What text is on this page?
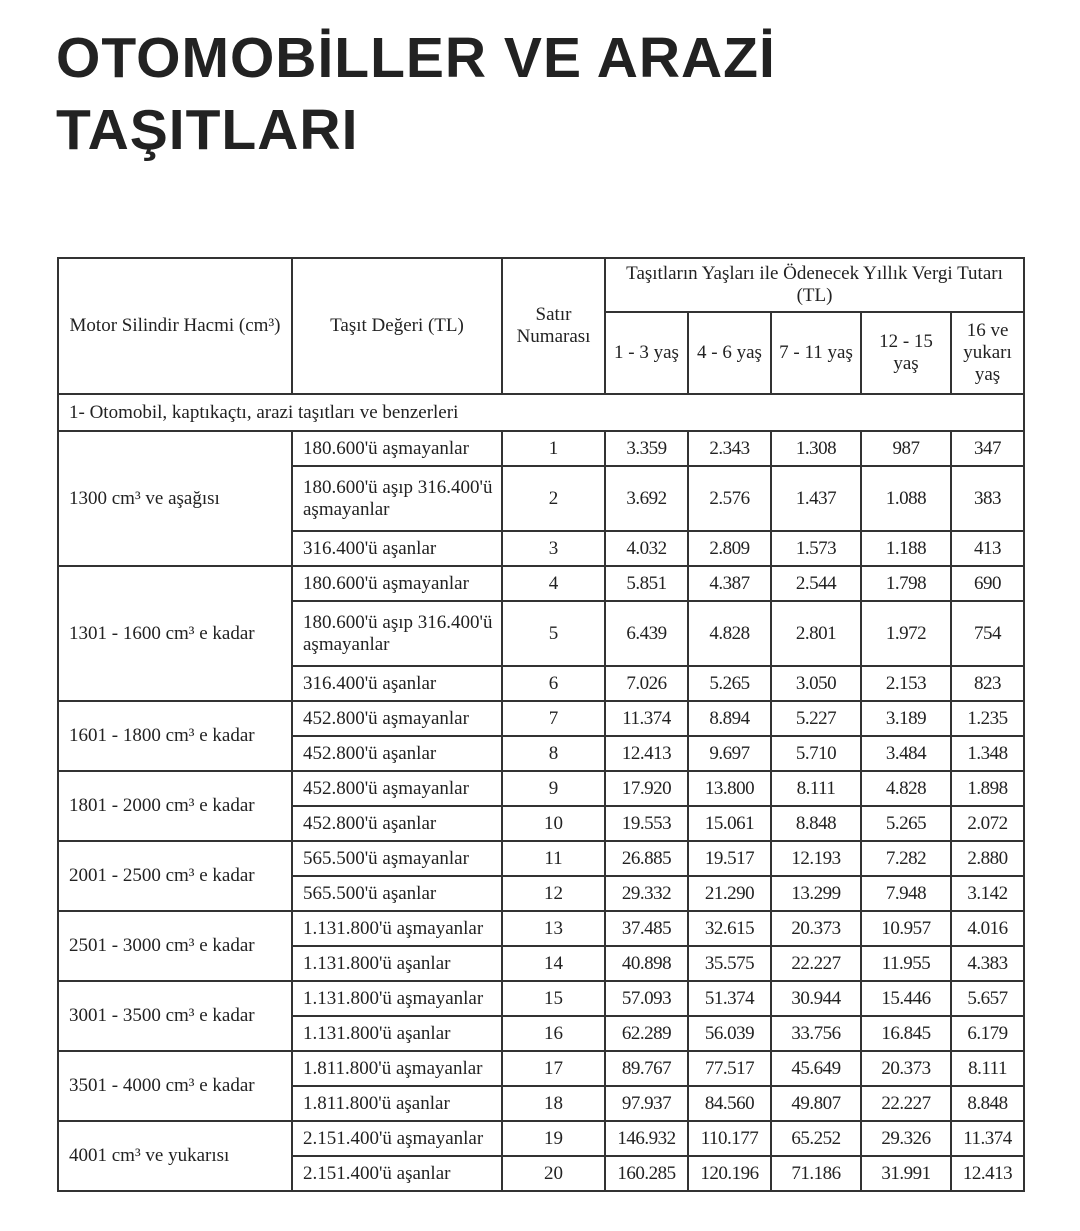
OTOMOBİLLER VE ARAZİ TAŞITLARI
Motor Silindir Hacmi (cm³)	Taşıt Değeri (TL)	Satır Numarası	Taşıtların Yaşları ile Ödenecek Yıllık Vergi Tutarı (TL)				
			1 - 3 yaş	4 - 6 yaş	7 - 11 yaş	12 - 15 yaş	16 ve yukarı yaş
1- Otomobil, kaptıkaçtı, arazi taşıtları ve benzerleri							
1300 cm³ ve aşağısı	180.600'ü aşmayanlar	1	3.359	2.343	1.308	987	347
	180.600'ü aşıp 316.400'ü aşmayanlar	2	3.692	2.576	1.437	1.088	383
	316.400'ü aşanlar	3	4.032	2.809	1.573	1.188	413
1301 - 1600 cm³ e kadar	180.600'ü aşmayanlar	4	5.851	4.387	2.544	1.798	690
	180.600'ü aşıp 316.400'ü aşmayanlar	5	6.439	4.828	2.801	1.972	754
	316.400'ü aşanlar	6	7.026	5.265	3.050	2.153	823
1601 - 1800 cm³ e kadar	452.800'ü aşmayanlar	7	11.374	8.894	5.227	3.189	1.235
	452.800'ü aşanlar	8	12.413	9.697	5.710	3.484	1.348
1801 - 2000 cm³ e kadar	452.800'ü aşmayanlar	9	17.920	13.800	8.111	4.828	1.898
	452.800'ü aşanlar	10	19.553	15.061	8.848	5.265	2.072
2001 - 2500 cm³ e kadar	565.500'ü aşmayanlar	11	26.885	19.517	12.193	7.282	2.880
	565.500'ü aşanlar	12	29.332	21.290	13.299	7.948	3.142
2501 - 3000 cm³ e kadar	1.131.800'ü aşmayanlar	13	37.485	32.615	20.373	10.957	4.016
	1.131.800'ü aşanlar	14	40.898	35.575	22.227	11.955	4.383
3001 - 3500 cm³ e kadar	1.131.800'ü aşmayanlar	15	57.093	51.374	30.944	15.446	5.657
	1.131.800'ü aşanlar	16	62.289	56.039	33.756	16.845	6.179
3501 - 4000 cm³ e kadar	1.811.800'ü aşmayanlar	17	89.767	77.517	45.649	20.373	8.111
	1.811.800'ü aşanlar	18	97.937	84.560	49.807	22.227	8.848
4001 cm³ ve yukarısı	2.151.400'ü aşmayanlar	19	146.932	110.177	65.252	29.326	11.374
	2.151.400'ü aşanlar	20	160.285	120.196	71.186	31.991	12.413
